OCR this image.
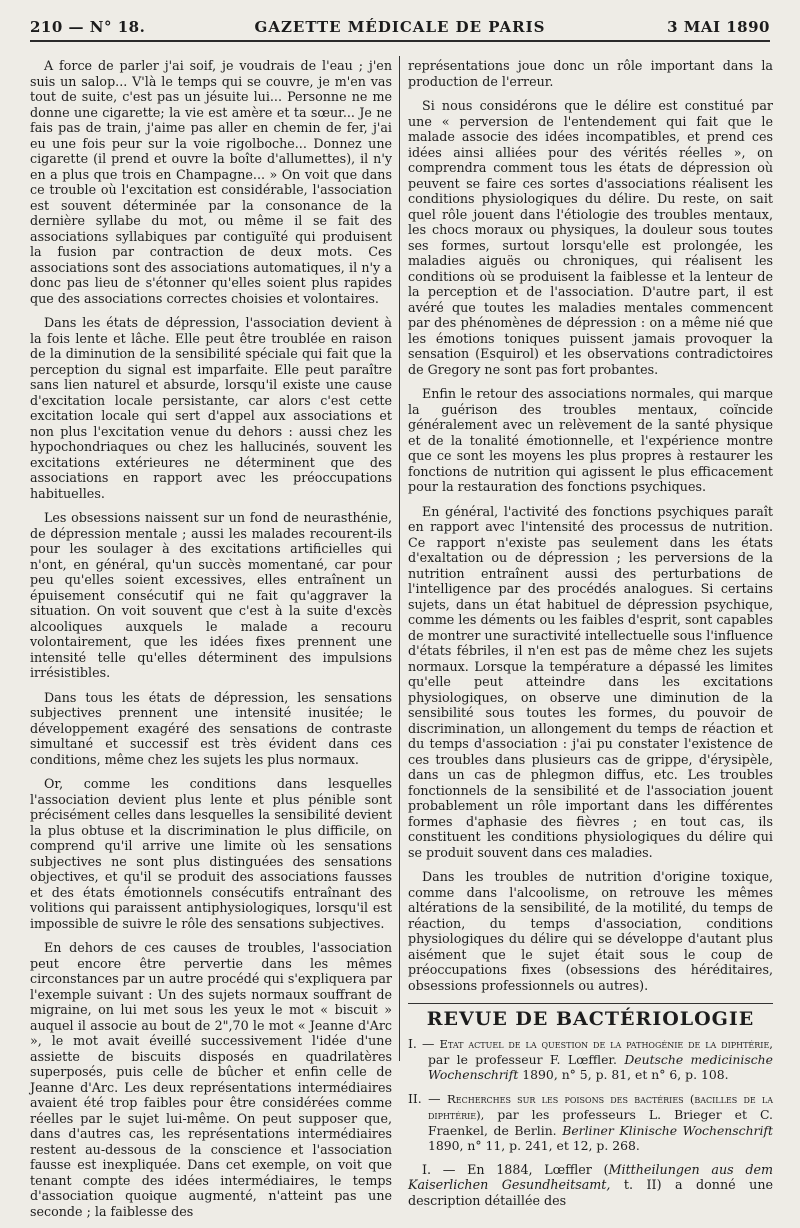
210 — N° 18.	GAZETTE MÉDICALE DE PARIS	3 MAI 1890

A force de parler j'ai soif, je voudrais de l'eau ; j'en suis un salop... V'là le temps qui se couvre, je m'en vas tout de suite, c'est pas un jésuite lui... Personne ne me donne une cigarette; la vie est amère et ta sœur... Je ne fais pas de train, j'aime pas aller en chemin de fer, j'ai eu une fois peur sur la voie rigolboche... Donnez une cigarette (il prend et ouvre la boîte d'allumettes), il n'y en a plus que trois en Champagne... » On voit que dans ce trouble où l'excitation est considérable, l'association est souvent déterminée par la consonance de la dernière syllabe du mot, ou même il se fait des associations syllabiques par contiguïté qui produisent la fusion par contraction de deux mots. Ces associations sont des associations automatiques, il n'y a donc pas lieu de s'étonner qu'elles soient plus rapides que des associations correctes choisies et volontaires.

Dans les états de dépression, l'association devient à la fois lente et lâche. Elle peut être troublée en raison de la diminution de la sensibilité spéciale qui fait que la perception du signal est imparfaite. Elle peut paraître sans lien naturel et absurde, lorsqu'il existe une cause d'excitation locale persistante, car alors c'est cette excitation locale qui sert d'appel aux associations et non plus l'excitation venue du dehors : aussi chez les hypochondriaques ou chez les hallucinés, souvent les excitations extérieures ne déterminent que des associations en rapport avec les préoccupations habituelles.

Les obsessions naissent sur un fond de neurasthénie, de dépression mentale ; aussi les malades recourent-ils pour les soulager à des excitations artificielles qui n'ont, en général, qu'un succès momentané, car pour peu qu'elles soient excessives, elles entraînent un épuisement consécutif qui ne fait qu'aggraver la situation. On voit souvent que c'est à la suite d'excès alcooliques auxquels le malade a recouru volontairement, que les idées fixes prennent une intensité telle qu'elles déterminent des impulsions irrésistibles.

Dans tous les états de dépression, les sensations subjectives prennent une intensité inusitée; le développement exagéré des sensations de contraste simultané et successif est très évident dans ces conditions, même chez les sujets les plus normaux.

Or, comme les conditions dans lesquelles l'association devient plus lente et plus pénible sont précisément celles dans lesquelles la sensibilité devient la plus obtuse et la discrimination le plus difficile, on comprend qu'il arrive une limite où les sensations subjectives ne sont plus distinguées des sensations objectives, et qu'il se produit des associations fausses et des états émotionnels consécutifs entraînant des volitions qui paraissent antiphysiologiques, lorsqu'il est impossible de suivre le rôle des sensations subjectives.

En dehors de ces causes de troubles, l'association peut encore être pervertie dans les mêmes circonstances par un autre procédé qui s'expliquera par l'exemple suivant : Un des sujets normaux souffrant de migraine, on lui met sous les yeux le mot « biscuit » auquel il associe au bout de 2",70 le mot « Jeanne d'Arc », le mot avait éveillé successivement l'idée d'une assiette de biscuits disposés en quadrilatères superposés, puis celle de bûcher et enfin celle de Jeanne d'Arc. Les deux représentations intermédiaires avaient été trop faibles pour être considérées comme réelles par le sujet lui-même. On peut supposer que, dans d'autres cas, les représentations intermédiaires restent au-dessous de la conscience et l'association fausse est inexpliquée. Dans cet exemple, on voit que tenant compte des idées intermédiaires, le temps d'association quoique augmenté, n'atteint pas une seconde ; la faiblesse des

représentations joue donc un rôle important dans la production de l'erreur.

Si nous considérons que le délire est constitué par une « perversion de l'entendement qui fait que le malade associe des idées incompatibles, et prend ces idées ainsi alliées pour des vérités réelles », on comprendra comment tous les états de dépression où peuvent se faire ces sortes d'associations réalisent les conditions physiologiques du délire. Du reste, on sait quel rôle jouent dans l'étiologie des troubles mentaux, les chocs moraux ou physiques, la douleur sous toutes ses formes, surtout lorsqu'elle est prolongée, les maladies aiguës ou chroniques, qui réalisent les conditions où se produisent la faiblesse et la lenteur de la perception et de l'association. D'autre part, il est avéré que toutes les maladies mentales commencent par des phénomènes de dépression : on a même nié que les émotions toniques puissent jamais provoquer la sensation (Esquirol) et les observations contradictoires de Gregory ne sont pas fort probantes.

Enfin le retour des associations normales, qui marque la guérison des troubles mentaux, coïncide généralement avec un relèvement de la santé physique et de la tonalité émotionnelle, et l'expérience montre que ce sont les moyens les plus propres à restaurer les fonctions de nutrition qui agissent le plus efficacement pour la restauration des fonctions psychiques.

En général, l'activité des fonctions psychiques paraît en rapport avec l'intensité des processus de nutrition. Ce rapport n'existe pas seulement dans les états d'exaltation ou de dépression ; les perversions de la nutrition entraînent aussi des perturbations de l'intelligence par des procédés analogues. Si certains sujets, dans un état habituel de dépression psychique, comme les déments ou les faibles d'esprit, sont capables de montrer une suractivité intellectuelle sous l'influence d'états fébriles, il n'en est pas de même chez les sujets normaux. Lorsque la température a dépassé les limites qu'elle peut atteindre dans les excitations physiologiques, on observe une diminution de la sensibilité sous toutes les formes, du pouvoir de discrimination, un allongement du temps de réaction et du temps d'association : j'ai pu constater l'existence de ces troubles dans plusieurs cas de grippe, d'érysipèle, dans un cas de phlegmon diffus, etc. Les troubles fonctionnels de la sensibilité et de l'association jouent probablement un rôle important dans les différentes formes d'aphasie des fièvres ; en tout cas, ils constituent les conditions physiologiques du délire qui se produit souvent dans ces maladies.

Dans les troubles de nutrition d'origine toxique, comme dans l'alcoolisme, on retrouve les mêmes altérations de la sensibilité, de la motilité, du temps de réaction, du temps d'association, conditions physiologiques du délire qui se développe d'autant plus aisément que le sujet était sous le coup de préoccupations fixes (obsessions des héréditaires, obsessions professionnels ou autres).

REVUE DE BACTÉRIOLOGIE

I. — Etat actuel de la question de la pathogénie de la diphtérie, par le professeur F. Lœffler. Deutsche medicinische Wochenschrift 1890, n° 5, p. 81, et n° 6, p. 108.

II. — Recherches sur les poisons des bactéries (bacilles de la diphtérie), par les professeurs L. Brieger et C. Fraenkel, de Berlin. Berliner Klinische Wochenschrift 1890, n° 11, p. 241, et 12, p. 268.

I. — En 1884, Lœffler (Mittheilungen aus dem Kaiserlichen Gesundheitsamt, t. II) a donné une description détaillée des
